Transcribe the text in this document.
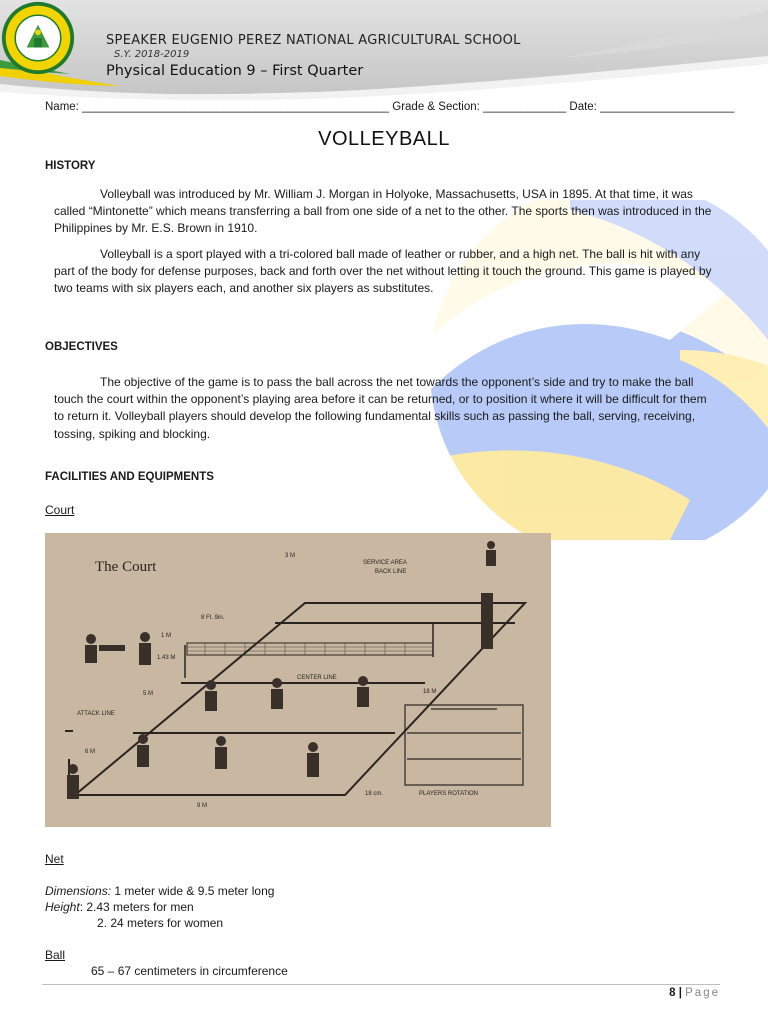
SPEAKER EUGENIO PEREZ NATIONAL AGRICULTURAL SCHOOL
S.Y. 2018-2019
Physical Education 9 – First Quarter
Name: ________________________________________________ Grade & Section: _____________ Date: _____________________
VOLLEYBALL
HISTORY
Volleyball was introduced by Mr. William J. Morgan in Holyoke, Massachusetts, USA in 1895. At that time, it was called “Mintonette” which means transferring a ball from one side of a net to the other. The sports then was introduced in the Philippines by Mr. E.S. Brown in 1910.
Volleyball is a sport played with a tri-colored ball made of leather or rubber, and a high net. The ball is hit with any part of the body for defense purposes, back and forth over the net without letting it touch the ground. This game is played by two teams with six players each, and another six players as substitutes.
OBJECTIVES
The objective of the game is to pass the ball across the net towards the opponent’s side and try to make the ball touch the court within the opponent’s playing area before it can be returned, or to position it where it will be difficult for them to return it. Volleyball players should develop the following fundamental skills such as passing the ball, serving, receiving, tossing, spiking and blocking.
FACILITIES AND EQUIPMENTS
Court
The Court	SERVICE AREA
BACK LINE
CENTER LINE
ATTACK LINE
8 Ft. 9in.
1 M
1.43 M
5 M
6 M
9 M
18 M
3 M
18 cm.	PLAYERS ROTATION
Net
Dimensions: 1 meter wide & 9.5 meter long
Height: 2.43 meters for men
2. 24 meters for women
Ball
65 – 67 centimeters in circumference
8 | Page
